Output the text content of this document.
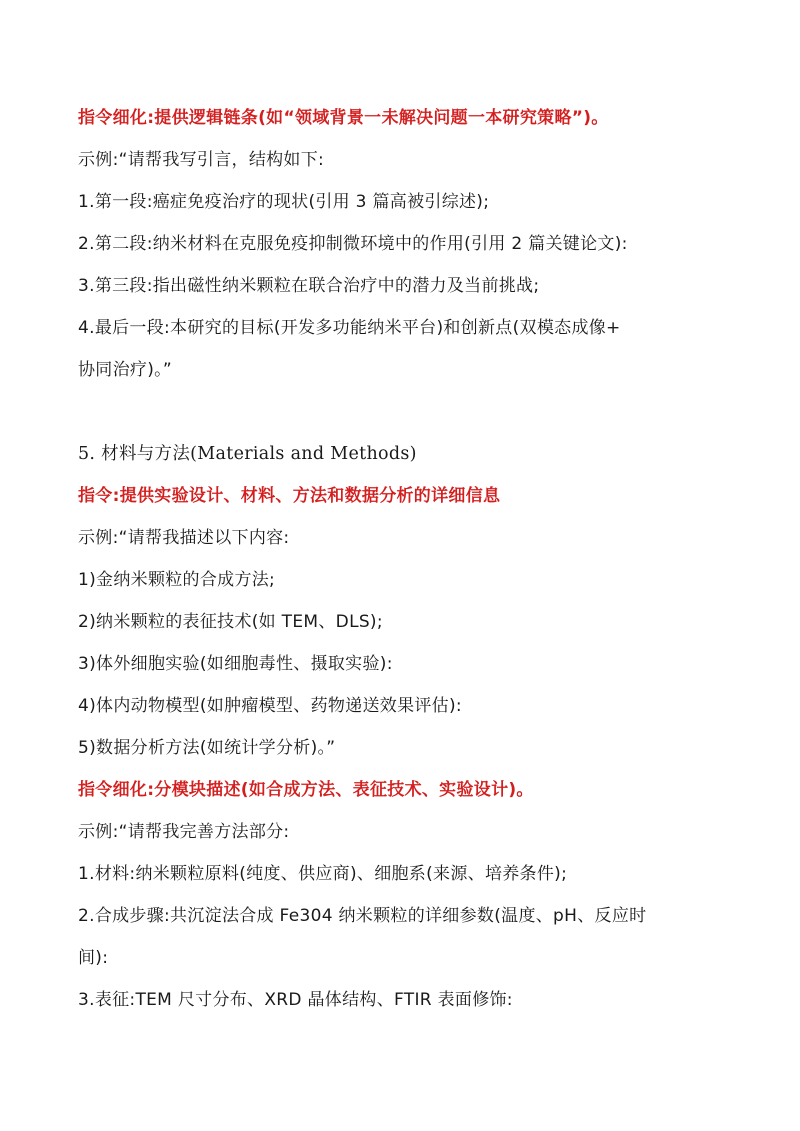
指令细化:提供逻辑链条(如“领域背景一未解决问题一本研究策略”)。
示例:“请帮我写引言，结构如下:
1.第一段:癌症免疫治疗的现状(引用 3 篇高被引综述);
2.第二段:纳米材料在克服免疫抑制微环境中的作用(引用 2 篇关键论文):
3.第三段:指出磁性纳米颗粒在联合治疗中的潜力及当前挑战;
4.最后一段:本研究的目标(开发多功能纳米平台)和创新点(双模态成像+
协同治疗)。”
5. 材料与方法(Materials and Methods)
指令:提供实验设计、材料、方法和数据分析的详细信息
示例:“请帮我描述以下内容:
1)金纳米颗粒的合成方法;
2)纳米颗粒的表征技术(如 TEM、DLS);
3)体外细胞实验(如细胞毒性、摄取实验):
4)体内动物模型(如肿瘤模型、药物递送效果评估):
5)数据分析方法(如统计学分析)。”
指令细化:分模块描述(如合成方法、表征技术、实验设计)。
示例:“请帮我完善方法部分:
1.材料:纳米颗粒原料(纯度、供应商)、细胞系(来源、培养条件);
2.合成步骤:共沉淀法合成 Fe304 纳米颗粒的详细参数(温度、pH、反应时
间):
3.表征:TEM 尺寸分布、XRD 晶体结构、FTIR 表面修饰:
